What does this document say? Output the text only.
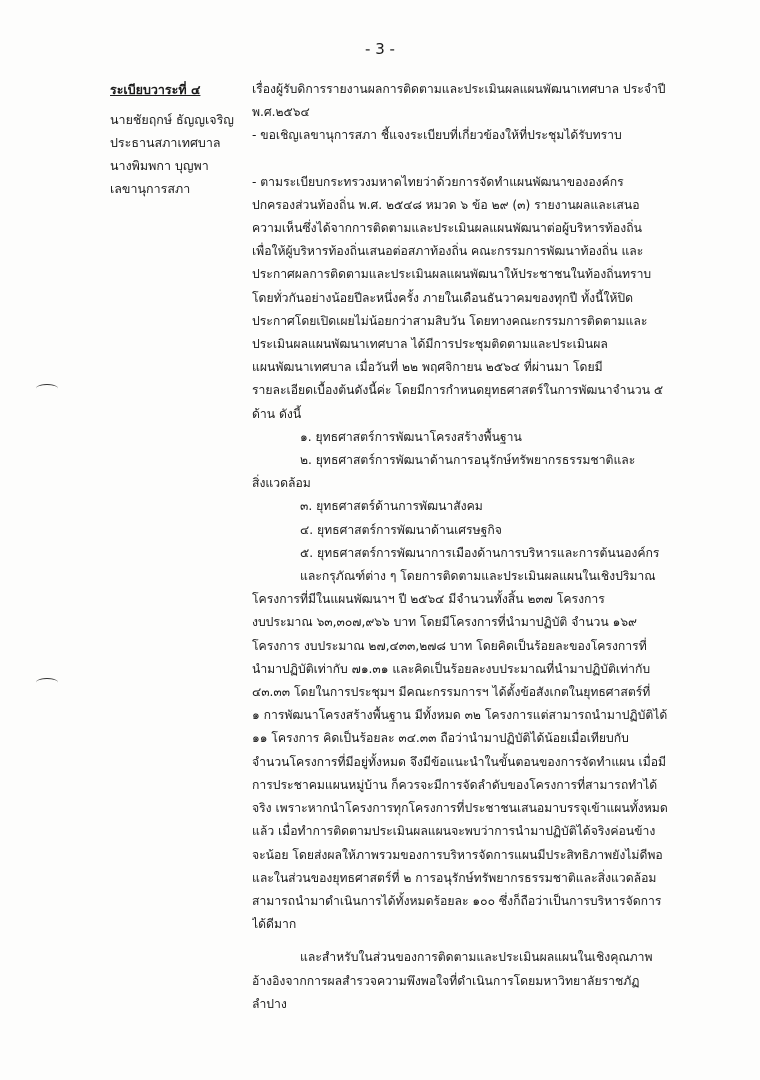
- 3 -
ระเบียบวาระที่ ๔
นายชัยฤกษ์ ธัญญเจริญ
ประธานสภาเทศบาล
นางพิมพกา บุญพา
เลขานุการสภา
เรื่องผู้รับดิการรายงานผลการติดตามและประเมินผลแผนพัฒนาเทศบาล ประจำปี
พ.ศ.๒๕๖๔
- ขอเชิญเลขานุการสภา ชี้แจงระเบียบที่เกี่ยวข้องให้ที่ประชุมได้รับทราบ
- ตามระเบียบกระทรวงมหาดไทยว่าด้วยการจัดทำแผนพัฒนาขององค์กร
ปกครองส่วนท้องถิ่น พ.ศ. ๒๕๔๘ หมวด ๖ ข้อ ๒๙ (๓) รายงานผลและเสนอ
ความเห็นซึ่งได้จากการติดตามและประเมินผลแผนพัฒนาต่อผู้บริหารท้องถิ่น
เพื่อให้ผู้บริหารท้องถิ่นเสนอต่อสภาท้องถิ่น คณะกรรมการพัฒนาท้องถิ่น และ
ประกาศผลการติดตามและประเมินผลแผนพัฒนาให้ประชาชนในท้องถิ่นทราบ
โดยทั่วกันอย่างน้อยปีละหนึ่งครั้ง ภายในเดือนธันวาคมของทุกปี ทั้งนี้ให้ปิด
ประกาศโดยเปิดเผยไม่น้อยกว่าสามสิบวัน โดยทางคณะกรรมการติดตามและ
ประเมินผลแผนพัฒนาเทศบาล ได้มีการประชุมติดตามและประเมินผล
แผนพัฒนาเทศบาล เมื่อวันที่ ๒๒ พฤศจิกายน ๒๕๖๔ ที่ผ่านมา โดยมี
รายละเอียดเบื้องต้นดังนี้ค่ะ โดยมีการกำหนดยุทธศาสตร์ในการพัฒนาจำนวน ๕
ด้าน ดังนี้
๑. ยุทธศาสตร์การพัฒนาโครงสร้างพื้นฐาน
๒. ยุทธศาสตร์การพัฒนาด้านการอนุรักษ์ทรัพยากรธรรมชาติและ
สิ่งแวดล้อม
๓. ยุทธศาสตร์ด้านการพัฒนาสังคม
๔. ยุทธศาสตร์การพัฒนาด้านเศรษฐกิจ
๕. ยุทธศาสตร์การพัฒนาการเมืองด้านการบริหารและการต้นนองค์กร
และกรุภัณฑ์ต่าง ๆ โดยการติดตามและประเมินผลแผนในเชิงปริมาณ
โครงการที่มีในแผนพัฒนาฯ ปี ๒๕๖๔ มีจำนวนทั้งสิ้น ๒๓๗ โครงการ
งบประมาณ ๖๓,๓๐๗,๙๖๖ บาท โดยมีโครงการที่นำมาปฏิบัติ จำนวน ๑๖๙
โครงการ งบประมาณ ๒๗,๔๓๓,๒๗๘ บาท โดยคิดเป็นร้อยละของโครงการที่
นำมาปฏิบัติเท่ากับ ๗๑.๓๑ และคิดเป็นร้อยละงบประมาณที่นำมาปฏิบัติเท่ากับ
๔๓.๓๓ โดยในการประชุมฯ มีคณะกรรมการฯ ได้ตั้งข้อสังเกตในยุทธศาสตร์ที่
๑ การพัฒนาโครงสร้างพื้นฐาน มีทั้งหมด ๓๒ โครงการแต่สามารถนำมาปฏิบัติได้
๑๑ โครงการ คิดเป็นร้อยละ ๓๔.๓๓ ถือว่านำมาปฏิบัติได้น้อยเมื่อเทียบกับ
จำนวนโครงการที่มีอยู่ทั้งหมด จึงมีข้อแนะนำในขั้นตอนของการจัดทำแผน เมื่อมี
การประชาคมแผนหมู่บ้าน ก็ควรจะมีการจัดลำดับของโครงการที่สามารถทำได้
จริง เพราะหากนำโครงการทุกโครงการที่ประชาชนเสนอมาบรรจุเข้าแผนทั้งหมด
แล้ว เมื่อทำการติดตามประเมินผลแผนจะพบว่าการนำมาปฏิบัติได้จริงค่อนข้าง
จะน้อย โดยส่งผลให้ภาพรวมของการบริหารจัดการแผนมีประสิทธิภาพยังไม่ดีพอ
และในส่วนของยุทธศาสตร์ที่ ๒ การอนุรักษ์ทรัพยากรธรรมชาติและสิ่งแวดล้อม
สามารถนำมาดำเนินการได้ทั้งหมดร้อยละ ๑๐๐ ซึ่งก็ถือว่าเป็นการบริหารจัดการ
ได้ดีมาก
และสำหรับในส่วนของการติดตามและประเมินผลแผนในเชิงคุณภาพ
อ้างอิงจากการผลสำรวจความพึงพอใจที่ดำเนินการโดยมหาวิทยาลัยราชภัฏ
ลำปาง
